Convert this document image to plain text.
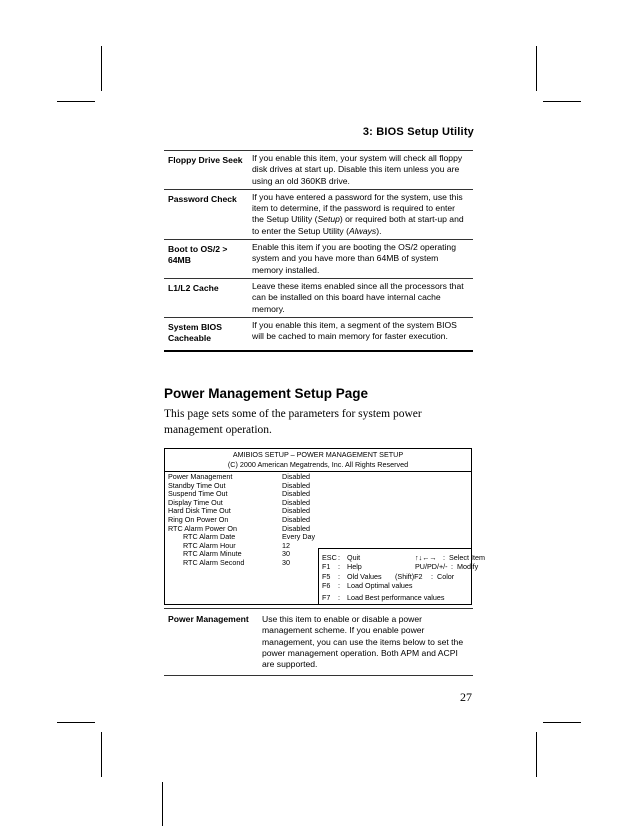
3: BIOS Setup Utility
Floppy Drive Seek	If you enable this item, your system will check all floppy disk drives at start up. Disable this item unless you are using an old 360KB drive.
Password Check	If you have entered a password for the system, use this item to determine, if the password is required to enter the Setup Utility (Setup) or required both at start-up and to enter the Setup Utility (Always).
Boot to OS/2 > 64MB	Enable this item if you are booting the OS/2 operating system and you have more than 64MB of system memory installed.
L1/L2 Cache	Leave these items enabled since all the processors that can be installed on this board have internal cache memory.
System BIOS Cacheable	If you enable this item, a segment of the system BIOS will be cached to main memory for faster execution.
Power Management Setup Page
This page sets some of the parameters for system power management operation.
AMIBIOS SETUP – POWER MANAGEMENT SETUP
(C) 2000 American Megatrends, Inc. All Rights Reserved
Power Management	Disabled
Standby Time Out	Disabled
Suspend Time Out	Disabled
Display Time Out	Disabled
Hard Disk Time Out	Disabled
Ring On Power On	Disabled
RTC Alarm Power On	Disabled
RTC Alarm Date	Every Day
RTC Alarm Hour	12
RTC Alarm Minute	30
RTC Alarm Second	30
ESC : Quit	↑↓←→ : Select Item
F1	: Help	PU/PD/+/- : Modify
F5	: Old Values	(Shift)F2	: Color
F6	: Load Optimal values
F7	: Load Best performance values
Power Management	Use this item to enable or disable a power management scheme. If you enable power management, you can use the items below to set the power management operation. Both APM and ACPI are supported.
27
